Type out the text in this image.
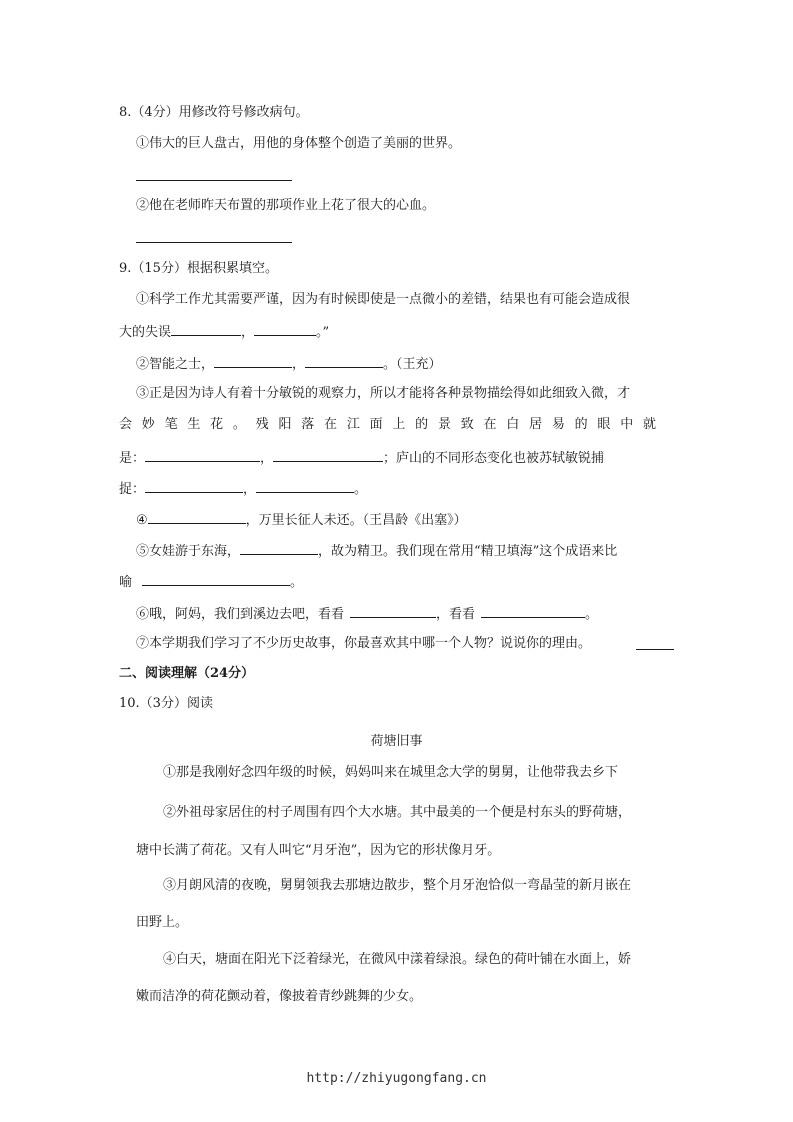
8.（4分）用修改符号修改病句。
①伟大的巨人盘古，用他的身体整个创造了美丽的世界。
②他在老师昨天布置的那项作业上花了很大的心血。
9.（15分）根据积累填空。
①科学工作尤其需要严谨，因为有时候即使是一点微小的差错，结果也有可能会造成很
大的失误	，	。”
②智能之士，	，	。（王充）
③正是因为诗人有着十分敏锐的观察力，所以才能将各种景物描绘得如此细致入微，才
会 妙 笔 生 花 。 残 阳 落 在 江 面 上 的 景 致 在 白 居 易 的 眼 中 就
是：	，	；庐山的不同形态变化也被苏轼敏锐捕
捉：	，	。
④	，万里长征人未还。（王昌龄《出塞》）
⑤女娃游于东海，	，故为精卫。我们现在常用“精卫填海”这个成语来比
喻	。
⑥哦，阿妈，我们到溪边去吧，看看	，看看	。
⑦本学期我们学习了不少历史故事，你最喜欢其中哪一个人物？说说你的理由。
二、阅读理解（24分）
10.（3分）阅读
荷塘旧事
①那是我刚好念四年级的时候，妈妈叫来在城里念大学的舅舅，让他带我去乡下
②外祖母家居住的村子周围有四个大水塘。其中最美的一个便是村东头的野荷塘，
塘中长满了荷花。又有人叫它“月牙泡”，因为它的形状像月牙。
③月朗风清的夜晚，舅舅领我去那塘边散步，整个月牙泡恰似一弯晶莹的新月嵌在
田野上。
④白天，塘面在阳光下泛着绿光，在微风中漾着绿浪。绿色的荷叶铺在水面上，娇
嫩而洁净的荷花颤动着，像披着青纱跳舞的少女。
http://zhiyugongfang.cn
